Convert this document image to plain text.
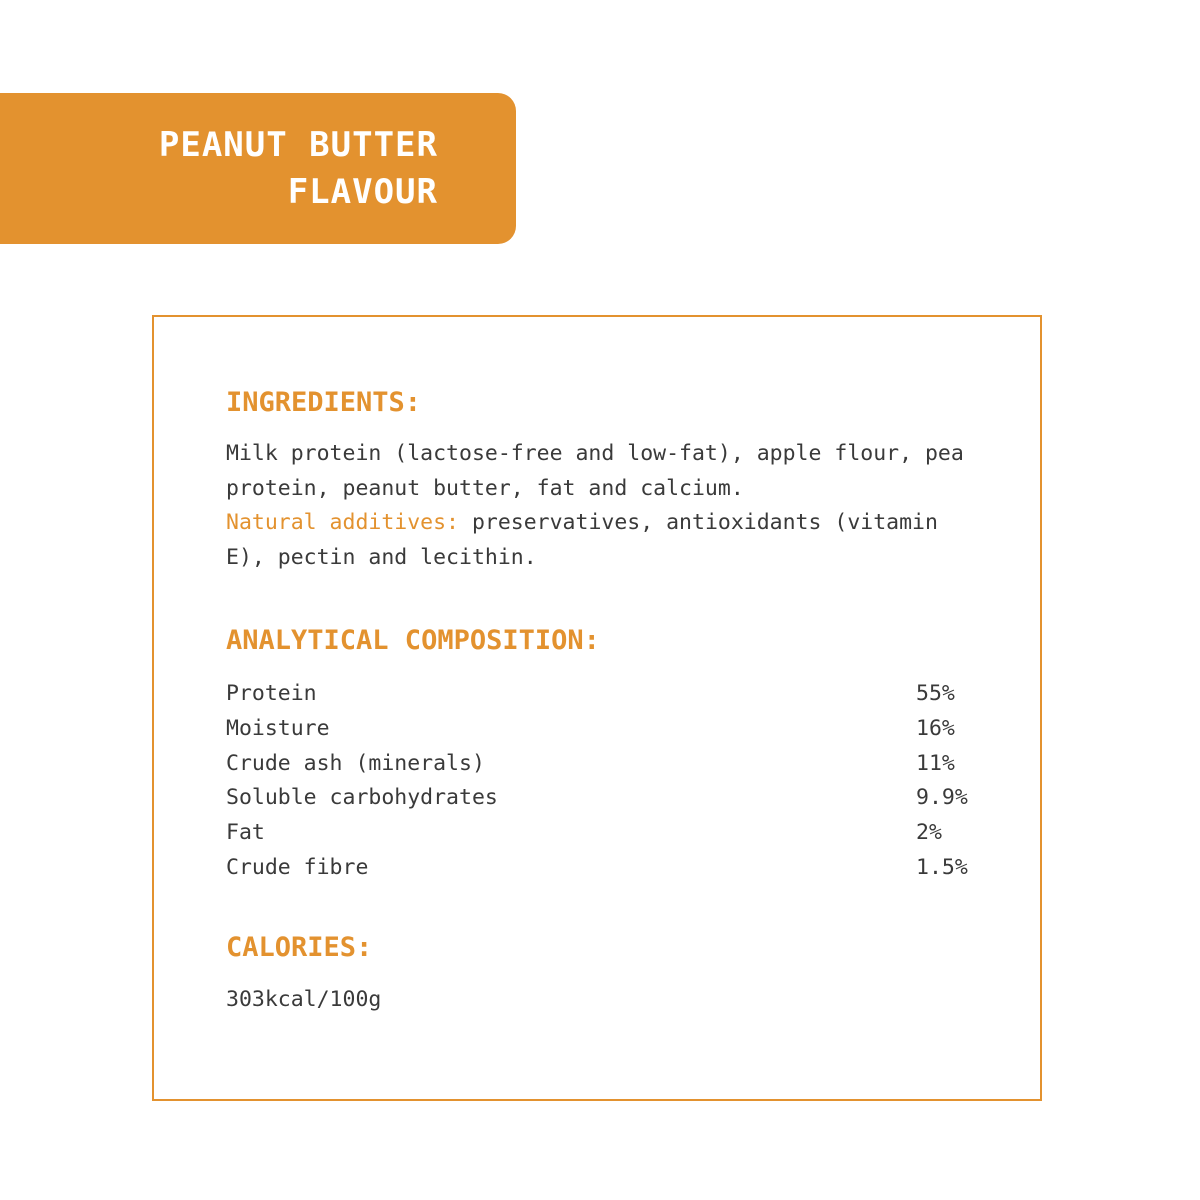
PEANUT BUTTER
FLAVOUR
INGREDIENTS:
Milk protein (lactose-free and low-fat), apple flour, pea protein, peanut butter, fat and calcium.
Natural additives: preservatives, antioxidants (vitamin E), pectin and lecithin.
ANALYTICAL COMPOSITION:
Protein	55%
Moisture	16%
Crude ash (minerals)	11%
Soluble carbohydrates	9.9%
Fat	2%
Crude fibre	1.5%
CALORIES:
303kcal/100g
